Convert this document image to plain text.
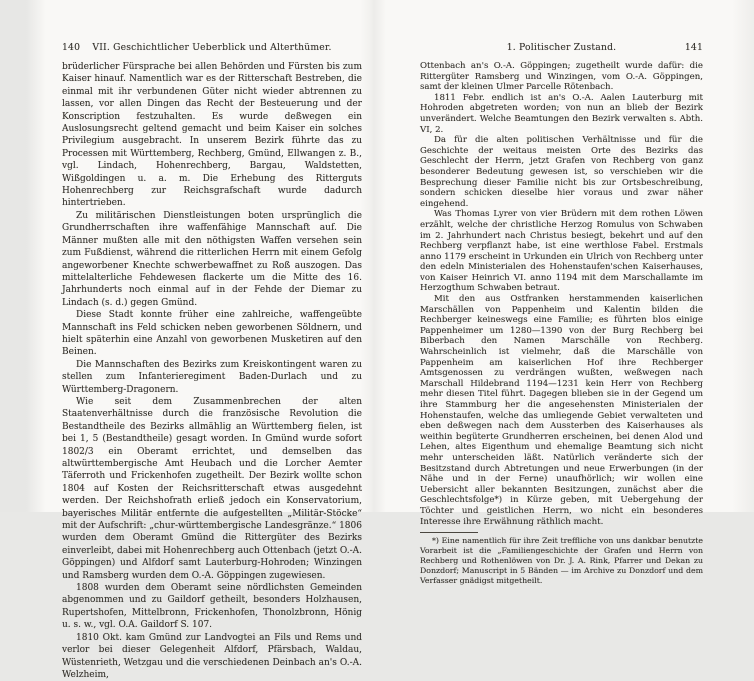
140	VII. Geschichtlicher Ueberblick und Alterthümer.

brüderlicher Fürsprache bei allen Behörden und Fürsten bis zum Kaiser hinauf. Namentlich war es der Ritterschaft Bestreben, die einmal mit ihr verbundenen Güter nicht wieder abtrennen zu lassen, vor allen Dingen das Recht der Besteuerung und der Konscription festzuhalten. Es wurde deßwegen ein Auslosungsrecht geltend gemacht und beim Kaiser ein solches Privilegium ausgebracht. In unserem Bezirk führte das zu Processen mit Württemberg, Rechberg, Gmünd, Ellwangen z. B., vgl. Lindach, Hohenrechberg, Bargau, Waldstetten, Wißgoldingen u. a. m. Die Erhebung des Ritterguts Hohenrechberg zur Reichsgrafschaft wurde dadurch hintertrieben.

Zu militärischen Dienstleistungen boten ursprünglich die Grundherrschaften ihre waffenfähige Mannschaft auf. Die Männer mußten alle mit den nöthigsten Waffen versehen sein zum Fußdienst, während die ritterlichen Herrn mit einem Gefolg angeworbener Knechte schwerbewaffnet zu Roß auszogen. Das mittelalterliche Fehdewesen flackerte um die Mitte des 16. Jahrhunderts noch einmal auf in der Fehde der Diemar zu Lindach (s. d.) gegen Gmünd.

Diese Stadt konnte früher eine zahlreiche, waffengeübte Mannschaft ins Feld schicken neben geworbenen Söldnern, und hielt späterhin eine Anzahl von geworbenen Musketiren auf den Beinen.

Die Mannschaften des Bezirks zum Kreiskontingent waren zu stellen zum Infanterieregiment Baden-Durlach und zu Württemberg-Dragonern.

Wie seit dem Zusammenbrechen der alten Staatenverhältnisse durch die französische Revolution die Bestandtheile des Bezirks allmählig an Württemberg fielen, ist bei 1, 5 (Bestandtheile) gesagt worden. In Gmünd wurde sofort 1802/3 ein Oberamt errichtet, und demselben das altwürttembergische Amt Heubach und die Lorcher Aemter Täferroth und Frickenhofen zugetheilt. Der Bezirk wollte schon 1804 auf Kosten der Reichsritterschaft etwas ausgedehnt werden. Der Reichshofrath erließ jedoch ein Konservatorium, bayerisches Militär entfernte die aufgestellten „Militär-Stöcke“ mit der Aufschrift: „chur-württembergische Landesgränze.“ 1806 wurden dem Oberamt Gmünd die Rittergüter des Bezirks einverleibt, dabei mit Hohenrechberg auch Ottenbach (jetzt O.-A. Göppingen) und Alfdorf samt Lauterburg-Hohroden; Winzingen und Ramsberg wurden dem O.-A. Göppingen zugewiesen.

1808 wurden dem Oberamt seine nördlichsten Gemeinden abgenommen und zu Gaildorf getheilt, besonders Holzhausen, Rupertshofen, Mittelbronn, Frickenhofen, Thonolzbronn, Hönig u. s. w., vgl. O.A. Gaildorf S. 107.

1810 Okt. kam Gmünd zur Landvogtei an Fils und Rems und verlor bei dieser Gelegenheit Alfdorf, Pfärsbach, Waldau, Wüstenrieth, Wetzgau und die verschiedenen Deinbach an's O.-A. Welzheim,

1. Politischer Zustand.	141

Ottenbach an's O.-A. Göppingen; zugetheilt wurde dafür: die Rittergüter Ramsberg und Winzingen, vom O.-A. Göppingen, samt der kleinen Ulmer Parcelle Rötenbach.

1811 Febr. endlich ist an's O.-A. Aalen Lauterburg mit Hohroden abgetreten worden; von nun an blieb der Bezirk unverändert. Welche Beamtungen den Bezirk verwalten s. Abth. VI, 2.

Da für die alten politischen Verhältnisse und für die Geschichte der weitaus meisten Orte des Bezirks das Geschlecht der Herrn, jetzt Grafen von Rechberg von ganz besonderer Bedeutung gewesen ist, so verschieben wir die Besprechung dieser Familie nicht bis zur Ortsbeschreibung, sondern schicken dieselbe hier voraus und zwar näher eingehend.

Was Thomas Lyrer von vier Brüdern mit dem rothen Löwen erzählt, welche der christliche Herzog Romulus von Schwaben im 2. Jahrhundert nach Christus besiegt, bekehrt und auf den Rechberg verpflanzt habe, ist eine werthlose Fabel. Erstmals anno 1179 erscheint in Urkunden ein Ulrich von Rechberg unter den edeln Ministerialen des Hohenstaufen'schen Kaiserhauses, von Kaiser Heinrich VI. anno 1194 mit dem Marschallamte im Herzogthum Schwaben betraut.

Mit den aus Ostfranken herstammenden kaiserlichen Marschällen von Pappenheim und Kalentin bilden die Rechberger keineswegs eine Familie; es führten blos einige Pappenheimer um 1280—1390 von der Burg Rechberg bei Biberbach den Namen Marschälle von Rechberg. Wahrscheinlich ist vielmehr, daß die Marschälle von Pappenheim am kaiserlichen Hof ihre Rechberger Amtsgenossen zu verdrängen wußten, weßwegen nach Marschall Hildebrand 1194—1231 kein Herr von Rechberg mehr diesen Titel führt. Dagegen blieben sie in der Gegend um ihre Stammburg her die angesehensten Ministerialen der Hohenstaufen, welche das umliegende Gebiet verwalteten und eben deßwegen nach dem Aussterben des Kaiserhauses als weithin begüterte Grundherren erscheinen, bei denen Alod und Lehen, altes Eigenthum und ehemalige Beamtung sich nicht mehr unterscheiden läßt. Natürlich veränderte sich der Besitzstand durch Abtretungen und neue Erwerbungen (in der Nähe und in der Ferne) unaufhörlich; wir wollen eine Uebersicht aller bekannten Besitzungen, zunächst aber die Geschlechtsfolge*) in Kürze geben, mit Uebergehung der Töchter und geistlichen Herrn, wo nicht ein besonderes Interesse ihre Erwähnung räthlich macht.

*) Eine namentlich für ihre Zeit treffliche von uns dankbar benutzte Vorarbeit ist die „Familiengeschichte der Grafen und Herrn von Rechberg und Rothenlöwen von Dr. J. A. Rink, Pfarrer und Dekan zu Donzdorf; Manuscript in 5 Bänden — im Archive zu Donzdorf und dem Verfasser gnädigst mitgetheilt.
